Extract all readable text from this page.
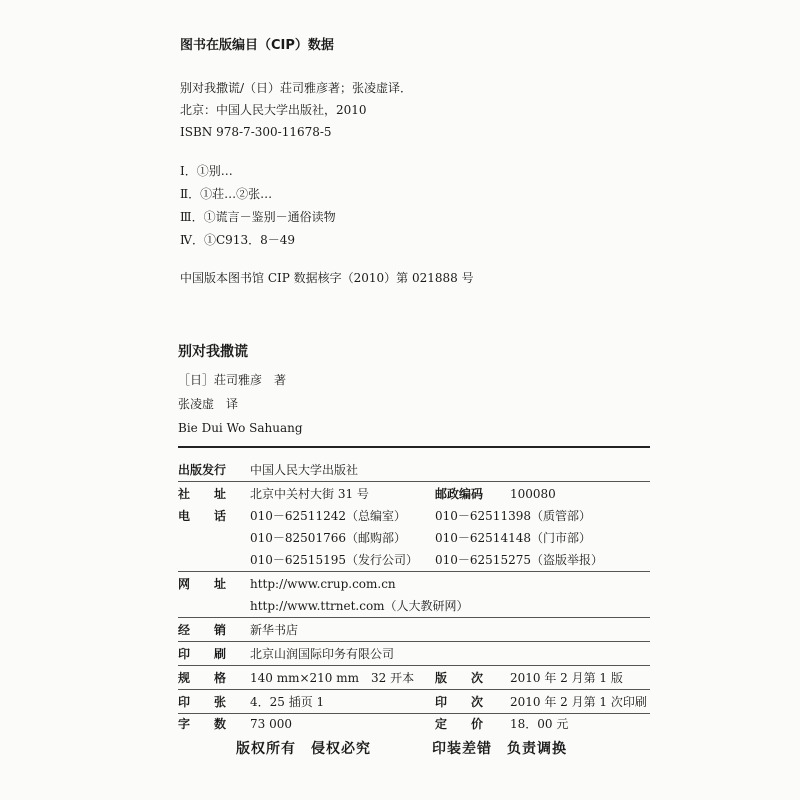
图书在版编目（CIP）数据
别对我撒谎/（日）荘司雅彦著；张凌虚译．
北京：中国人民大学出版社，2010
ISBN 978-7-300-11678-5
Ⅰ．①别…
Ⅱ．①荘…②张…
Ⅲ．①谎言－鉴别－通俗读物
Ⅳ．①C913．8－49
中国版本图书馆 CIP 数据核字（2010）第 021888 号
别对我撒谎
［日］荘司雅彦　著
张凌虚　译
Bie Dui Wo Sahuang
出版发行 中国人民大学出版社
社　　址 北京中关村大街 31 号	邮政编码 100080
电　　话 010－62511242（总编室） 010－62511398（质管部）
010－82501766（邮购部） 010－62514148（门市部）
010－62515195（发行公司） 010－62515275（盗版举报）
网　　址 http://www.crup.com.cn
http://www.ttrnet.com（人大教研网）
经　　销 新华书店
印　　刷 北京山润国际印务有限公司
规　　格 140 mm×210 mm　32 开本 版　　次 2010 年 2 月第 1 版
印　　张 4．25 插页 1	印　　次 2010 年 2 月第 1 次印刷
字　　数 73 000	定　　价 18．00 元
版权所有　侵权必究	印装差错　负责调换
